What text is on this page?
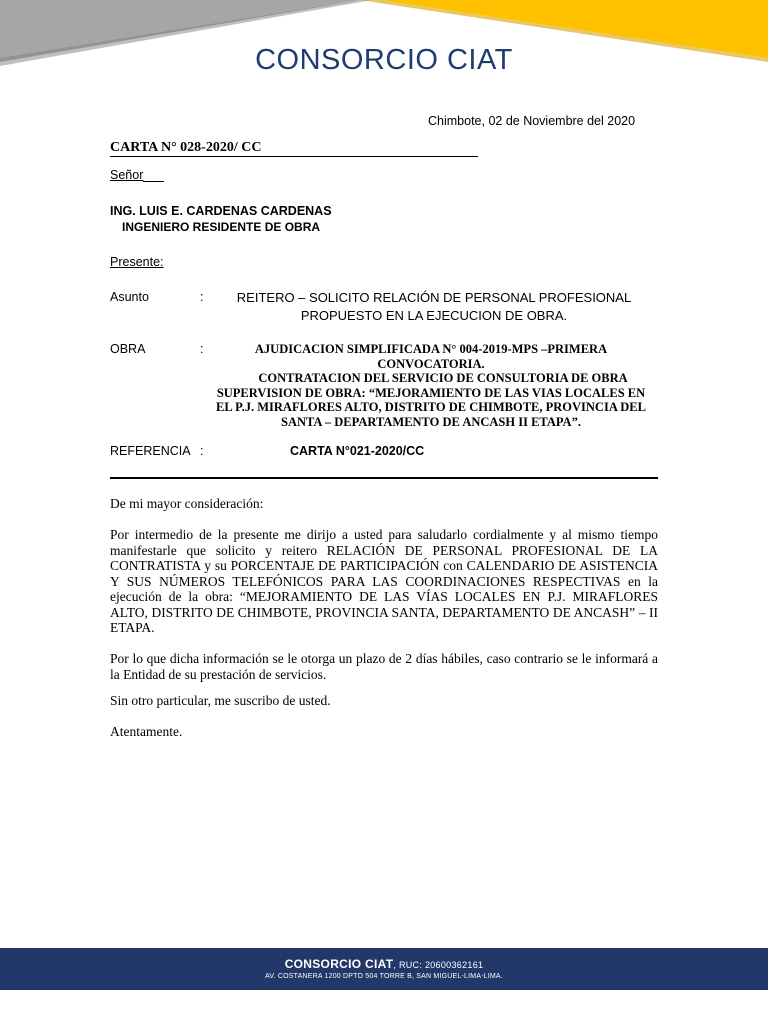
CONSORCIO CIAT
Chimbote, 02 de Noviembre del 2020
CARTA N° 028-2020/ CC
Señor
ING. LUIS E. CARDENAS CARDENAS
INGENIERO RESIDENTE DE OBRA
Presente:
Asunto	:	REITERO – SOLICITO RELACIÓN DE PERSONAL PROFESIONAL
PROPUESTO EN LA EJECUCION DE OBRA.
OBRA	:	AJUDICACION SIMPLIFICADA N° 004-2019-MPS –PRIMERA
CONVOCATORIA.
CONTRATACION DEL SERVICIO DE CONSULTORIA DE OBRA
SUPERVISION DE OBRA: “MEJORAMIENTO DE LAS VIAS LOCALES EN
EL P.J. MIRAFLORES ALTO, DISTRITO DE CHIMBOTE, PROVINCIA DEL
SANTA – DEPARTAMENTO DE ANCASH II ETAPA”.
REFERENCIA :	CARTA N°021-2020/CC
De mi mayor consideración:
Por intermedio de la presente me dirijo a usted para saludarlo cordialmente y al mismo tiempo manifestarle que solicito y reitero RELACIÓN DE PERSONAL PROFESIONAL DE LA CONTRATISTA y su PORCENTAJE DE PARTICIPACIÓN con CALENDARIO DE ASISTENCIA Y SUS NÚMEROS TELEFÓNICOS PARA LAS COORDINACIONES RESPECTIVAS en la ejecución de la obra: “MEJORAMIENTO DE LAS VÍAS LOCALES EN P.J. MIRAFLORES ALTO, DISTRITO DE CHIMBOTE, PROVINCIA SANTA, DEPARTAMENTO DE ANCASH” – II ETAPA.
Por lo que dicha información se le otorga un plazo de 2 días hábiles, caso contrario se le informará a la Entidad de su prestación de servicios.
Sin otro particular, me suscribo de usted.
Atentamente.
CONSORCIO CIAT, RUC: 20600362161
AV. COSTANERA 1200 DPTO 504 TORRE B, SAN MIGUEL-LIMA-LIMA.
